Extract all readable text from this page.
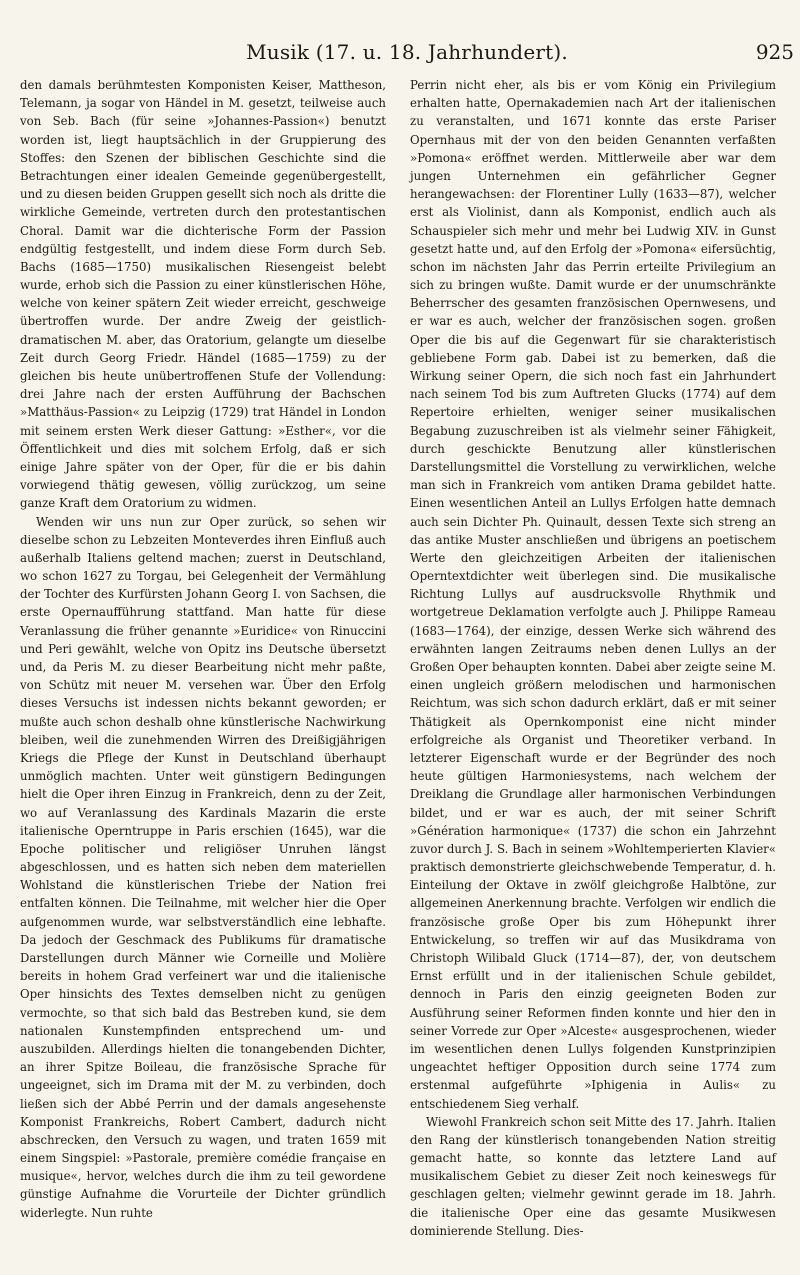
Musik (17. u. 18. Jahrhundert).	925

den damals berühmtesten Komponisten Keiser, Mattheson, Telemann, ja sogar von Händel in M. gesetzt, teilweise auch von Seb. Bach (für seine »Johannes-Passion«) benutzt worden ist, liegt hauptsächlich in der Gruppierung des Stoffes: den Szenen der biblischen Geschichte sind die Betrachtungen einer idealen Gemeinde gegenübergestellt, und zu diesen beiden Gruppen gesellt sich noch als dritte die wirkliche Gemeinde, vertreten durch den protestantischen Choral. Damit war die dichterische Form der Passion endgültig festgestellt, und indem diese Form durch Seb. Bachs (1685—1750) musikalischen Riesengeist belebt wurde, erhob sich die Passion zu einer künstlerischen Höhe, welche von keiner spätern Zeit wieder erreicht, geschweige übertroffen wurde. Der andre Zweig der geistlich-dramatischen M. aber, das Oratorium, gelangte um dieselbe Zeit durch Georg Friedr. Händel (1685—1759) zu der gleichen bis heute unübertroffenen Stufe der Vollendung: drei Jahre nach der ersten Aufführung der Bachschen »Matthäus-Passion« zu Leipzig (1729) trat Händel in London mit seinem ersten Werk dieser Gattung: »Esther«, vor die Öffentlichkeit und dies mit solchem Erfolg, daß er sich einige Jahre später von der Oper, für die er bis dahin vorwiegend thätig gewesen, völlig zurückzog, um seine ganze Kraft dem Oratorium zu widmen.

Wenden wir uns nun zur Oper zurück, so sehen wir dieselbe schon zu Lebzeiten Monteverdes ihren Einfluß auch außerhalb Italiens geltend machen; zuerst in Deutschland, wo schon 1627 zu Torgau, bei Gelegenheit der Vermählung der Tochter des Kurfürsten Johann Georg I. von Sachsen, die erste Opernaufführung stattfand. Man hatte für diese Veranlassung die früher genannte »Euridice« von Rinuccini und Peri gewählt, welche von Opitz ins Deutsche übersetzt und, da Peris M. zu dieser Bearbeitung nicht mehr paßte, von Schütz mit neuer M. versehen war. Über den Erfolg dieses Versuchs ist indessen nichts bekannt geworden; er mußte auch schon deshalb ohne künstlerische Nachwirkung bleiben, weil die zunehmenden Wirren des Dreißigjährigen Kriegs die Pflege der Kunst in Deutschland überhaupt unmöglich machten. Unter weit günstigern Bedingungen hielt die Oper ihren Einzug in Frankreich, denn zu der Zeit, wo auf Veranlassung des Kardinals Mazarin die erste italienische Operntruppe in Paris erschien (1645), war die Epoche politischer und religiöser Unruhen längst abgeschlossen, und es hatten sich neben dem materiellen Wohlstand die künstlerischen Triebe der Nation frei entfalten können. Die Teilnahme, mit welcher hier die Oper aufgenommen wurde, war selbstverständlich eine lebhafte. Da jedoch der Geschmack des Publikums für dramatische Darstellungen durch Männer wie Corneille und Molière bereits in hohem Grad verfeinert war und die italienische Oper hinsichts des Textes demselben nicht zu genügen vermochte, so that sich bald das Bestreben kund, sie dem nationalen Kunstempfinden entsprechend um- und auszubilden. Allerdings hielten die tonangebenden Dichter, an ihrer Spitze Boileau, die französische Sprache für ungeeignet, sich im Drama mit der M. zu verbinden, doch ließen sich der Abbé Perrin und der damals angesehenste Komponist Frankreichs, Robert Cambert, dadurch nicht abschrecken, den Versuch zu wagen, und traten 1659 mit einem Singspiel: »Pastorale, première comédie française en musique«, hervor, welches durch die ihm zu teil gewordene günstige Aufnahme die Vorurteile der Dichter gründlich widerlegte. Nun ruhte

Perrin nicht eher, als bis er vom König ein Privilegium erhalten hatte, Opernakademien nach Art der italienischen zu veranstalten, und 1671 konnte das erste Pariser Opernhaus mit der von den beiden Genannten verfaßten »Pomona« eröffnet werden. Mittlerweile aber war dem jungen Unternehmen ein gefährlicher Gegner herangewachsen: der Florentiner Lully (1633—87), welcher erst als Violinist, dann als Komponist, endlich auch als Schauspieler sich mehr und mehr bei Ludwig XIV. in Gunst gesetzt hatte und, auf den Erfolg der »Pomona« eifersüchtig, schon im nächsten Jahr das Perrin erteilte Privilegium an sich zu bringen wußte. Damit wurde er der unumschränkte Beherrscher des gesamten französischen Opernwesens, und er war es auch, welcher der französischen sogen. großen Oper die bis auf die Gegenwart für sie charakteristisch gebliebene Form gab. Dabei ist zu bemerken, daß die Wirkung seiner Opern, die sich noch fast ein Jahrhundert nach seinem Tod bis zum Auftreten Glucks (1774) auf dem Repertoire erhielten, weniger seiner musikalischen Begabung zuzuschreiben ist als vielmehr seiner Fähigkeit, durch geschickte Benutzung aller künstlerischen Darstellungsmittel die Vorstellung zu verwirklichen, welche man sich in Frankreich vom antiken Drama gebildet hatte. Einen wesentlichen Anteil an Lullys Erfolgen hatte demnach auch sein Dichter Ph. Quinault, dessen Texte sich streng an das antike Muster anschließen und übrigens an poetischem Werte den gleichzeitigen Arbeiten der italienischen Operntextdichter weit überlegen sind. Die musikalische Richtung Lullys auf ausdrucksvolle Rhythmik und wortgetreue Deklamation verfolgte auch J. Philippe Rameau (1683—1764), der einzige, dessen Werke sich während des erwähnten langen Zeitraums neben denen Lullys an der Großen Oper behaupten konnten. Dabei aber zeigte seine M. einen ungleich größern melodischen und harmonischen Reichtum, was sich schon dadurch erklärt, daß er mit seiner Thätigkeit als Opernkomponist eine nicht minder erfolgreiche als Organist und Theoretiker verband. In letzterer Eigenschaft wurde er der Begründer des noch heute gültigen Harmoniesystems, nach welchem der Dreiklang die Grundlage aller harmonischen Verbindungen bildet, und er war es auch, der mit seiner Schrift »Génération harmonique« (1737) die schon ein Jahrzehnt zuvor durch J. S. Bach in seinem »Wohltemperierten Klavier« praktisch demonstrierte gleichschwebende Temperatur, d. h. Einteilung der Oktave in zwölf gleichgroße Halbtöne, zur allgemeinen Anerkennung brachte. Verfolgen wir endlich die französische große Oper bis zum Höhepunkt ihrer Entwickelung, so treffen wir auf das Musikdrama von Christoph Wilibald Gluck (1714—87), der, von deutschem Ernst erfüllt und in der italienischen Schule gebildet, dennoch in Paris den einzig geeigneten Boden zur Ausführung seiner Reformen finden konnte und hier den in seiner Vorrede zur Oper »Alceste« ausgesprochenen, wieder im wesentlichen denen Lullys folgenden Kunstprinzipien ungeachtet heftiger Opposition durch seine 1774 zum erstenmal aufgeführte »Iphigenia in Aulis« zu entschiedenem Sieg verhalf.

Wiewohl Frankreich schon seit Mitte des 17. Jahrh. Italien den Rang der künstlerisch tonangebenden Nation streitig gemacht hatte, so konnte das letztere Land auf musikalischem Gebiet zu dieser Zeit noch keineswegs für geschlagen gelten; vielmehr gewinnt gerade im 18. Jahrh. die italienische Oper eine das gesamte Musikwesen dominierende Stellung. Dies-
